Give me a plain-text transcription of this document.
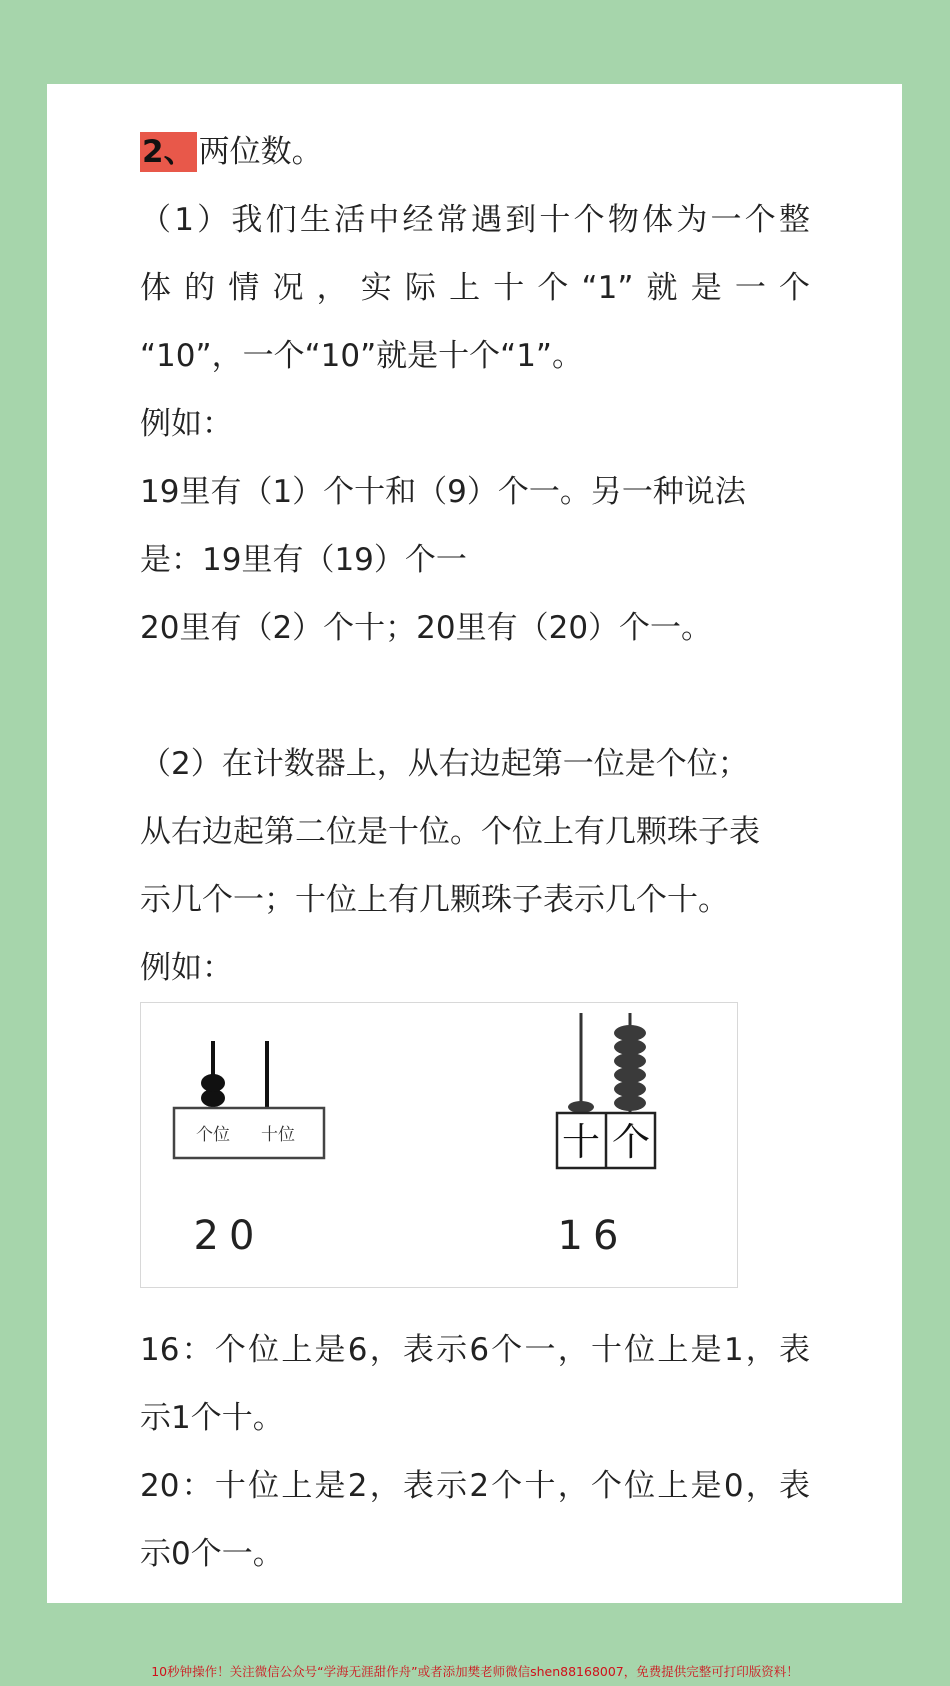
2、 两位数。

（1）我们生活中经常遇到十个物体为一个整

体的情况，实际上十个“1”就是一个

“10”，一个“10”就是十个“1”。

例如：

19里有（1）个十和（9）个一。另一种说法

是：19里有（19）个一

20里有（2）个十；20里有（20）个一。

（2）在计数器上，从右边起第一位是个位；

从右边起第二位是十位。个位上有几颗珠子表

示几个一；十位上有几颗珠子表示几个十。

例如：

个位 十位
20
十 个
16

16：个位上是6，表示6个一，十位上是1，表

示1个十。

20：十位上是2，表示2个十，个位上是0，表

示0个一。

10秒钟操作！关注微信公众号“学海无涯甜作舟”或者添加樊老师微信shen88168007，免费提供完整可打印版资料！
